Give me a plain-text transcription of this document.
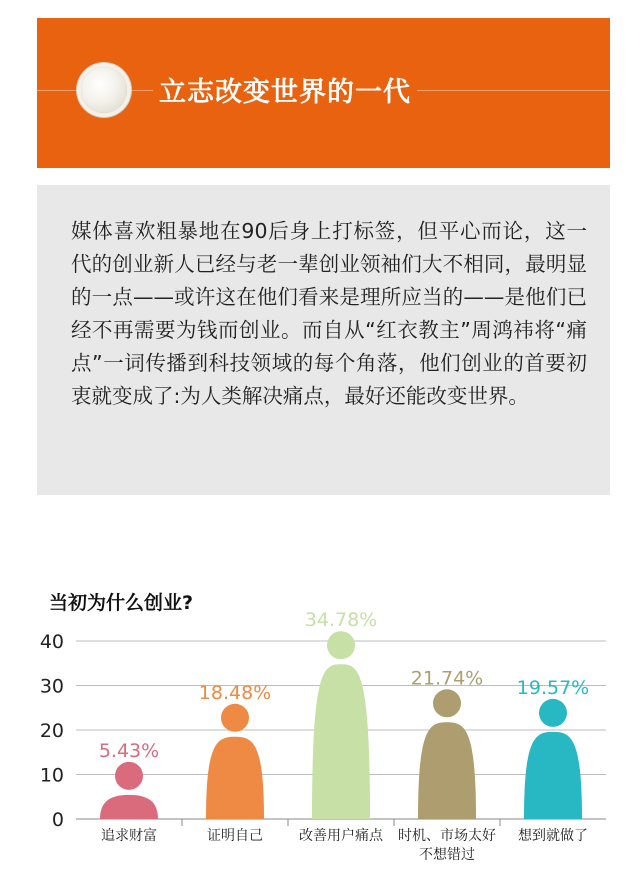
立志改变世界的一代

媒体喜欢粗暴地在90后身上打标签，但平心而论，这一代的创业新人已经与老一辈创业领袖们大不相同，最明显的一点——或许这在他们看来是理所应当的——是他们已经不再需要为钱而创业。而自从“红衣教主”周鸿祎将“痛点”一词传播到科技领域的每个角落，他们创业的首要初衷就变成了:为人类解决痛点，最好还能改变世界。

当初为什么创业?
0
10
20
30
40
5.43%
追求财富
18.48%
证明自己
34.78%
改善用户痛点
21.74%
时机、市场太好
不想错过
19.57%
想到就做了
